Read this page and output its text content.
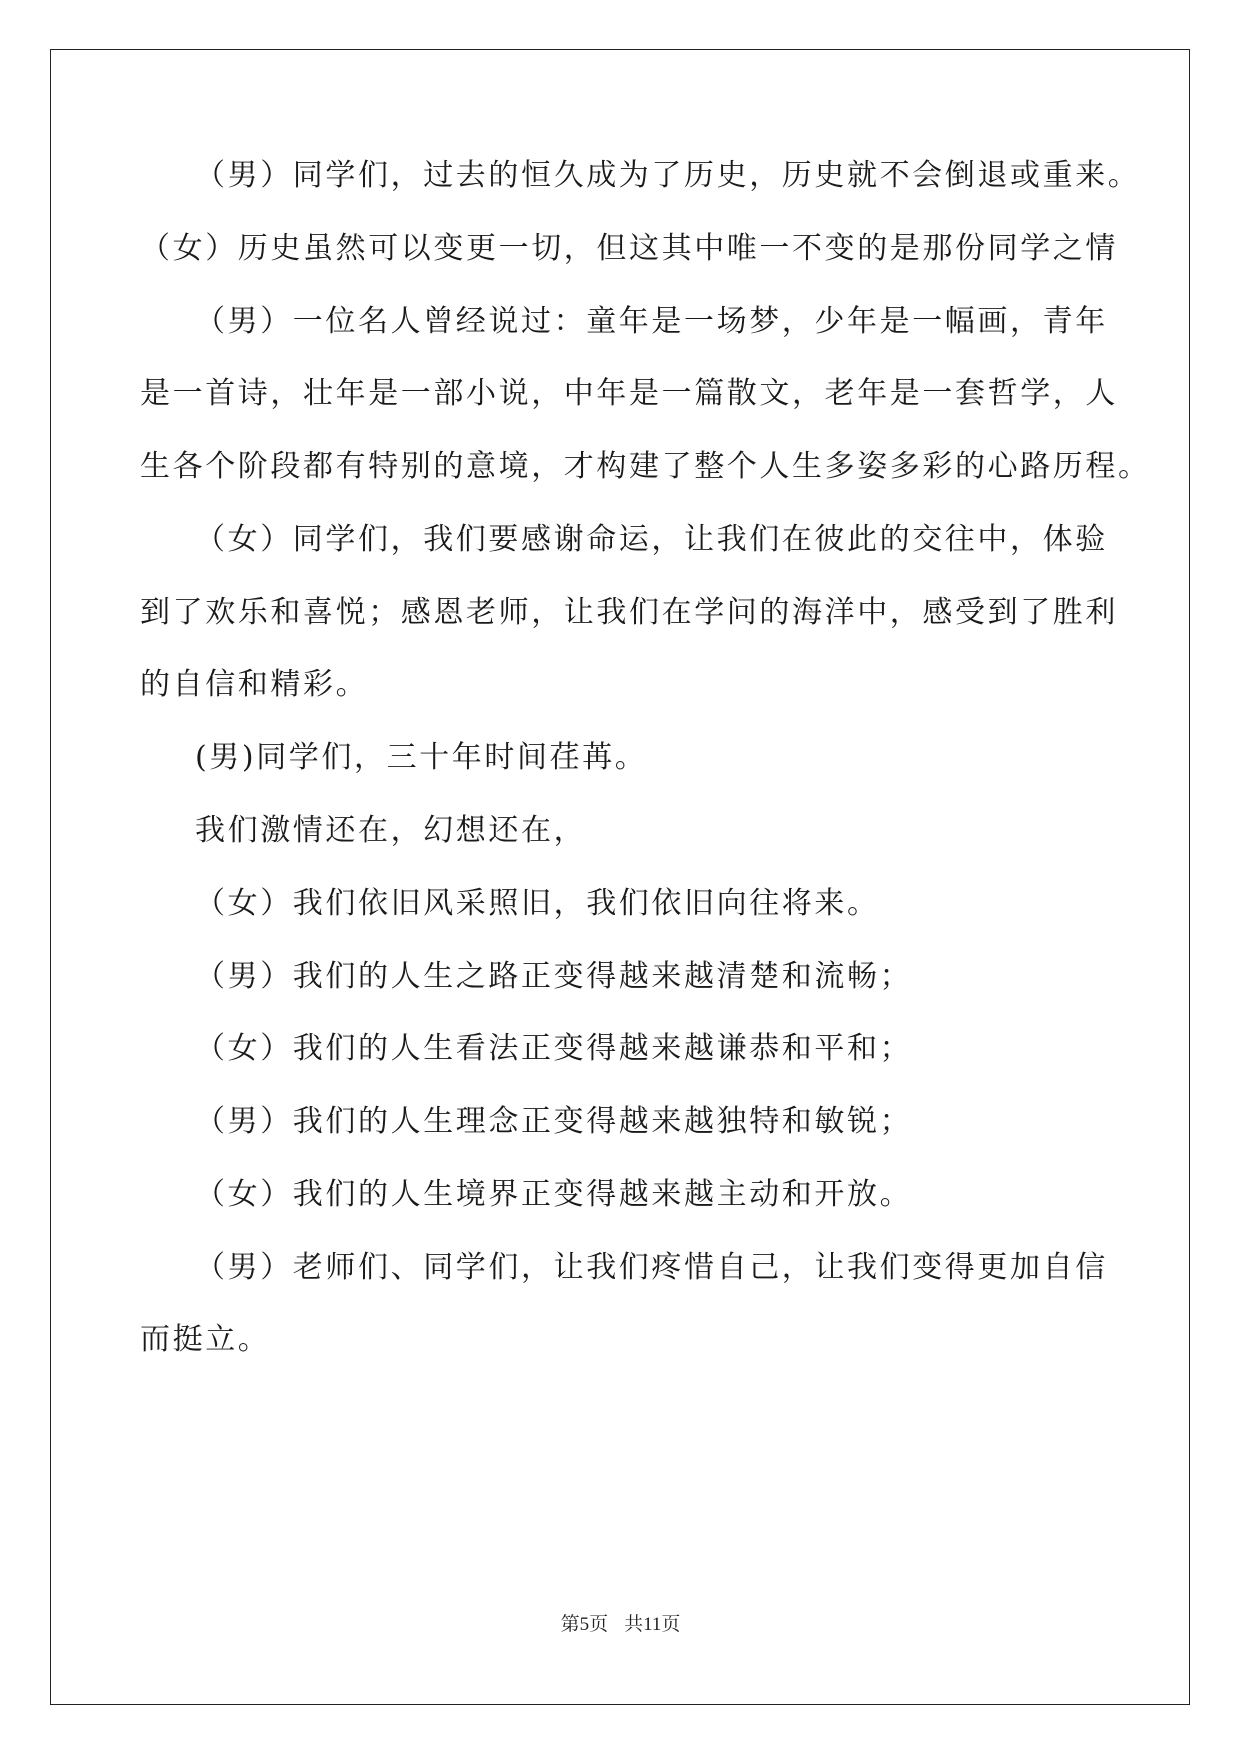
（男）同学们，过去的恒久成为了历史，历史就不会倒退或重来。
（女）历史虽然可以变更一切，但这其中唯一不变的是那份同学之情
（男）一位名人曾经说过：童年是一场梦，少年是一幅画，青年
是一首诗，壮年是一部小说，中年是一篇散文，老年是一套哲学，人
生各个阶段都有特别的意境，才构建了整个人生多姿多彩的心路历程。
（女）同学们，我们要感谢命运，让我们在彼此的交往中，体验
到了欢乐和喜悦；感恩老师，让我们在学问的海洋中，感受到了胜利
的自信和精彩。
(男)同学们，三十年时间荏苒。
我们激情还在，幻想还在，
（女）我们依旧风采照旧，我们依旧向往将来。
（男）我们的人生之路正变得越来越清楚和流畅；
（女）我们的人生看法正变得越来越谦恭和平和；
（男）我们的人生理念正变得越来越独特和敏锐；
（女）我们的人生境界正变得越来越主动和开放。
（男）老师们、同学们，让我们疼惜自己，让我们变得更加自信
而挺立。
第5页 共11页
